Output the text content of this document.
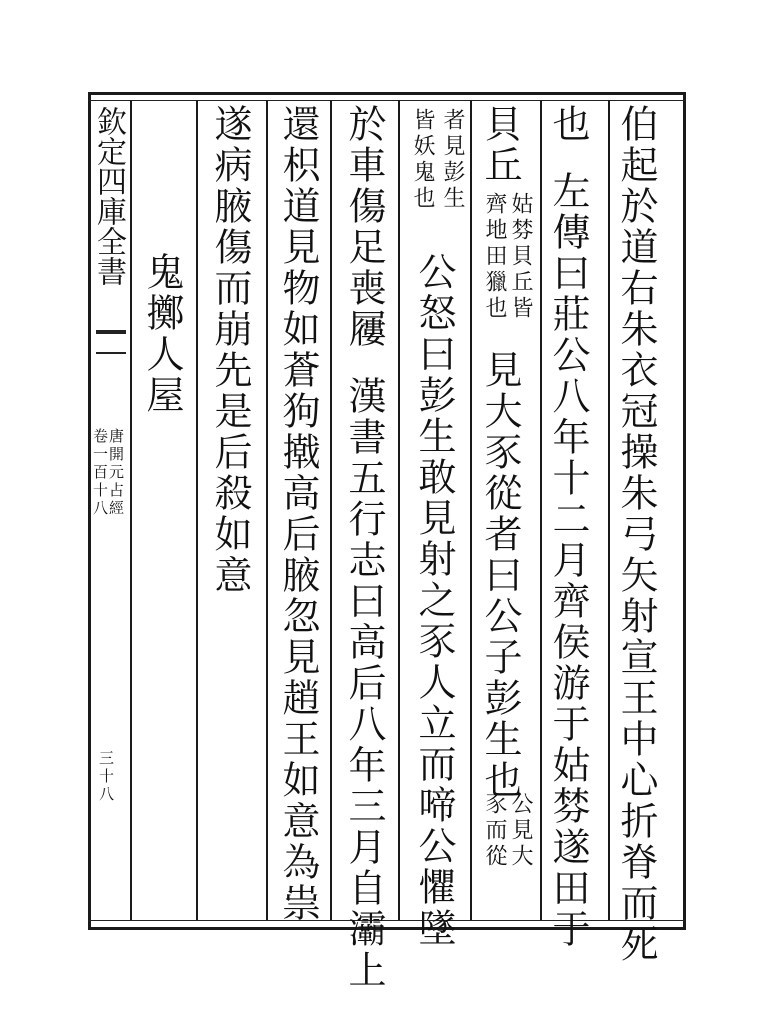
欽定四庫全書
唐開元占經
卷一百十八
三十八	伯起於道右朱衣冠操朱弓矢射宣王中心折脊而死
也左傳曰莊公八年十二月齊侯游于姑棼遂田于
貝丘
姑棼貝丘皆
齊地田獵也
見大豕從者曰公子彭生也
公見大
豕而從
者見彭生
皆妖鬼也
公怒曰彭生敢見射之豕人立而啼公懼墜
於車傷足喪屨漢書五行志曰高后八年三月自灞上
還枳道見物如蒼狗撠高后腋忽見趙王如意為祟
遂病腋傷而崩先是后殺如意
鬼擲人屋
